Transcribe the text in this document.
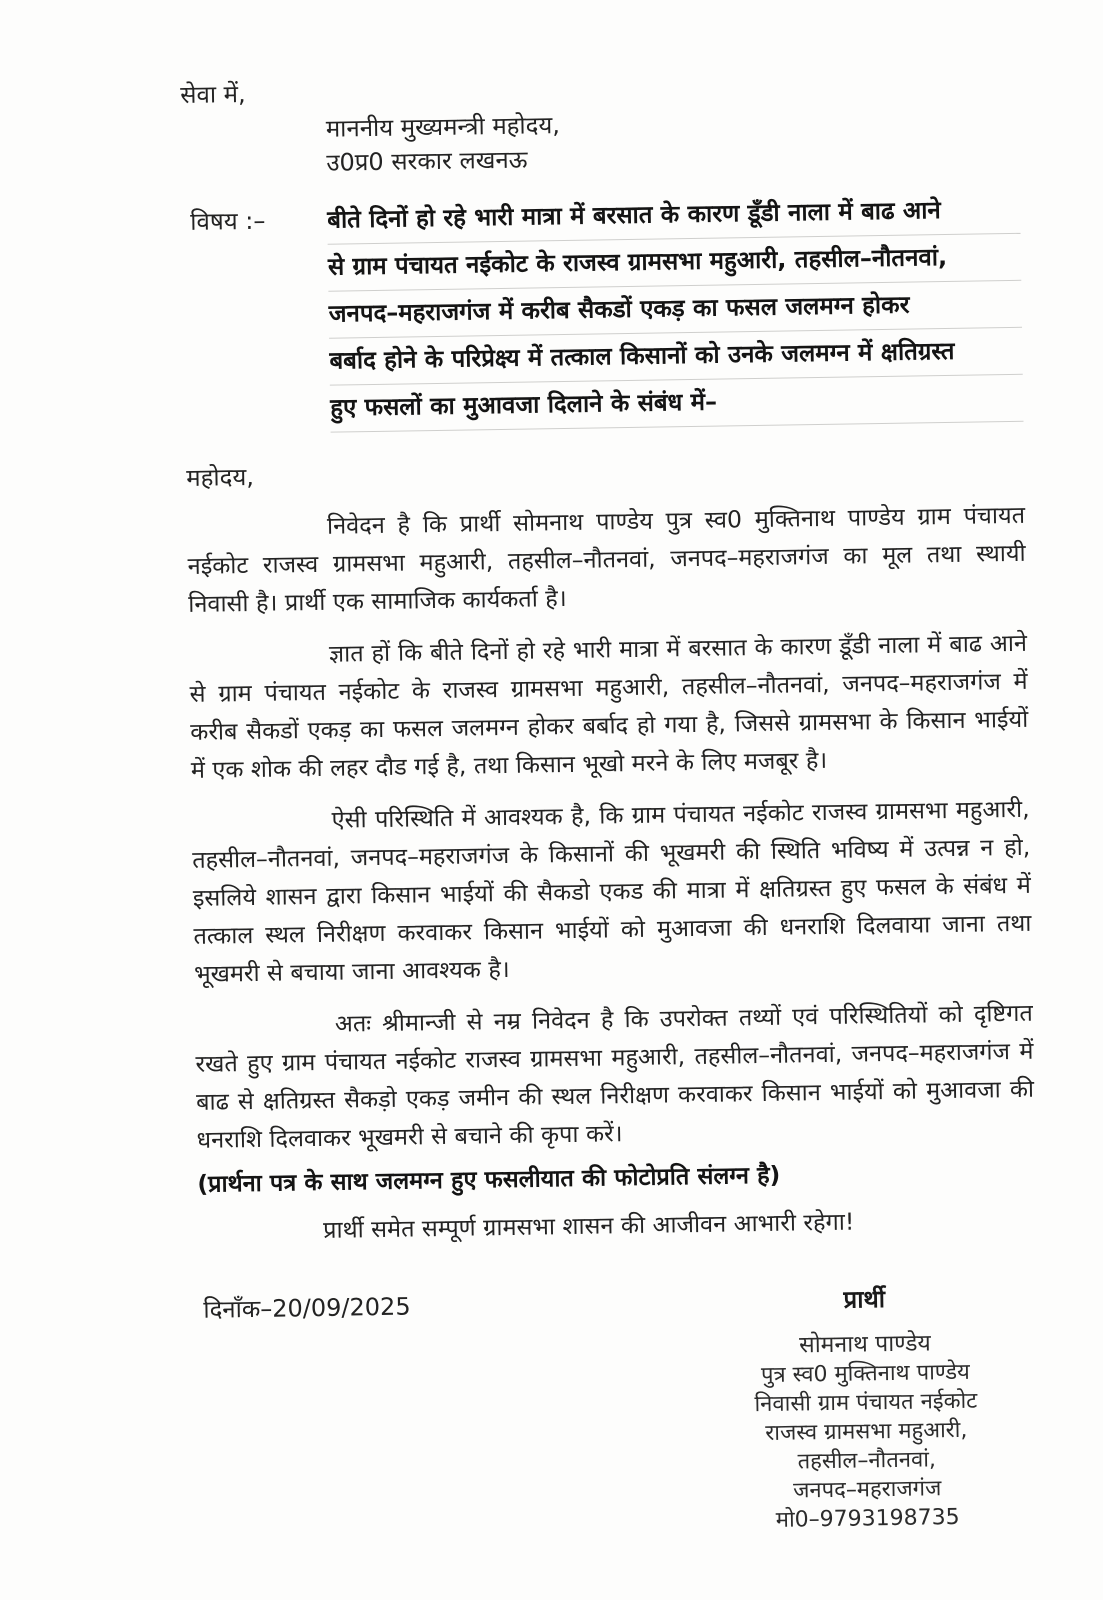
सेवा में,
माननीय मुख्यमन्त्री महोदय,
उ0प्र0 सरकार लखनऊ
विषय :–	बीते दिनों हो रहे भारी मात्रा में बरसात के कारण डूँडी नाला में बाढ आने
से ग्राम पंचायत नईकोट के राजस्व ग्रामसभा महुआरी, तहसील–नौतनवां,
जनपद–महराजगंज में करीब सैकडों एकड़ का फसल जलमग्न होकर
बर्बाद होने के परिप्रेक्ष्य में तत्काल किसानों को उनके जलमग्न में क्षतिग्रस्त
हुए फसलों का मुआवजा दिलाने के संबंध में–
महोदय,

निवेदन है कि प्रार्थी सोमनाथ पाण्डेय पुत्र स्व0 मुक्तिनाथ पाण्डेय ग्राम पंचायत नईकोट राजस्व ग्रामसभा महुआरी, तहसील–नौतनवां, जनपद–महराजगंज का मूल तथा स्थायी निवासी है। प्रार्थी एक सामाजिक कार्यकर्ता है।

ज्ञात हों कि बीते दिनों हो रहे भारी मात्रा में बरसात के कारण डूँडी नाला में बाढ आने से ग्राम पंचायत नईकोट के राजस्व ग्रामसभा महुआरी, तहसील–नौतनवां, जनपद–महराजगंज में करीब सैकडों एकड़ का फसल जलमग्न होकर बर्बाद हो गया है, जिससे ग्रामसभा के किसान भाईयों में एक शोक की लहर दौड गई है, तथा किसान भूखो मरने के लिए मजबूर है।

ऐसी परिस्थिति में आवश्यक है, कि ग्राम पंचायत नईकोट राजस्व ग्रामसभा महुआरी, तहसील–नौतनवां, जनपद–महराजगंज के किसानों की भूखमरी की स्थिति भविष्य में उत्पन्न न हो, इसलिये शासन द्वारा किसान भाईयों की सैकडो एकड की मात्रा में क्षतिग्रस्त हुए फसल के संबंध में तत्काल स्थल निरीक्षण करवाकर किसान भाईयों को मुआवजा की धनराशि दिलवाया जाना तथा भूखमरी से बचाया जाना आवश्यक है।

अतः श्रीमान्जी से नम्र निवेदन है कि उपरोक्त तथ्यों एवं परिस्थितियों को दृष्टिगत रखते हुए ग्राम पंचायत नईकोट राजस्व ग्रामसभा महुआरी, तहसील–नौतनवां, जनपद–महराजगंज में बाढ से क्षतिग्रस्त सैकड़ो एकड़ जमीन की स्थल निरीक्षण करवाकर किसान भाईयों को मुआवजा की धनराशि दिलवाकर भूखमरी से बचाने की कृपा करें।

(प्रार्थना पत्र के साथ जलमग्न हुए फसलीयात की फोटोप्रति संलग्न है)
प्रार्थी समेत सम्पूर्ण ग्रामसभा शासन की आजीवन आभारी रहेगा!
दिनाँक–20/09/2025	प्रार्थी
सोमनाथ पाण्डेय
पुत्र स्व0 मुक्तिनाथ पाण्डेय
निवासी ग्राम पंचायत नईकोट
राजस्व ग्रामसभा महुआरी,
तहसील–नौतनवां,
जनपद–महराजगंज
मो0–9793198735
